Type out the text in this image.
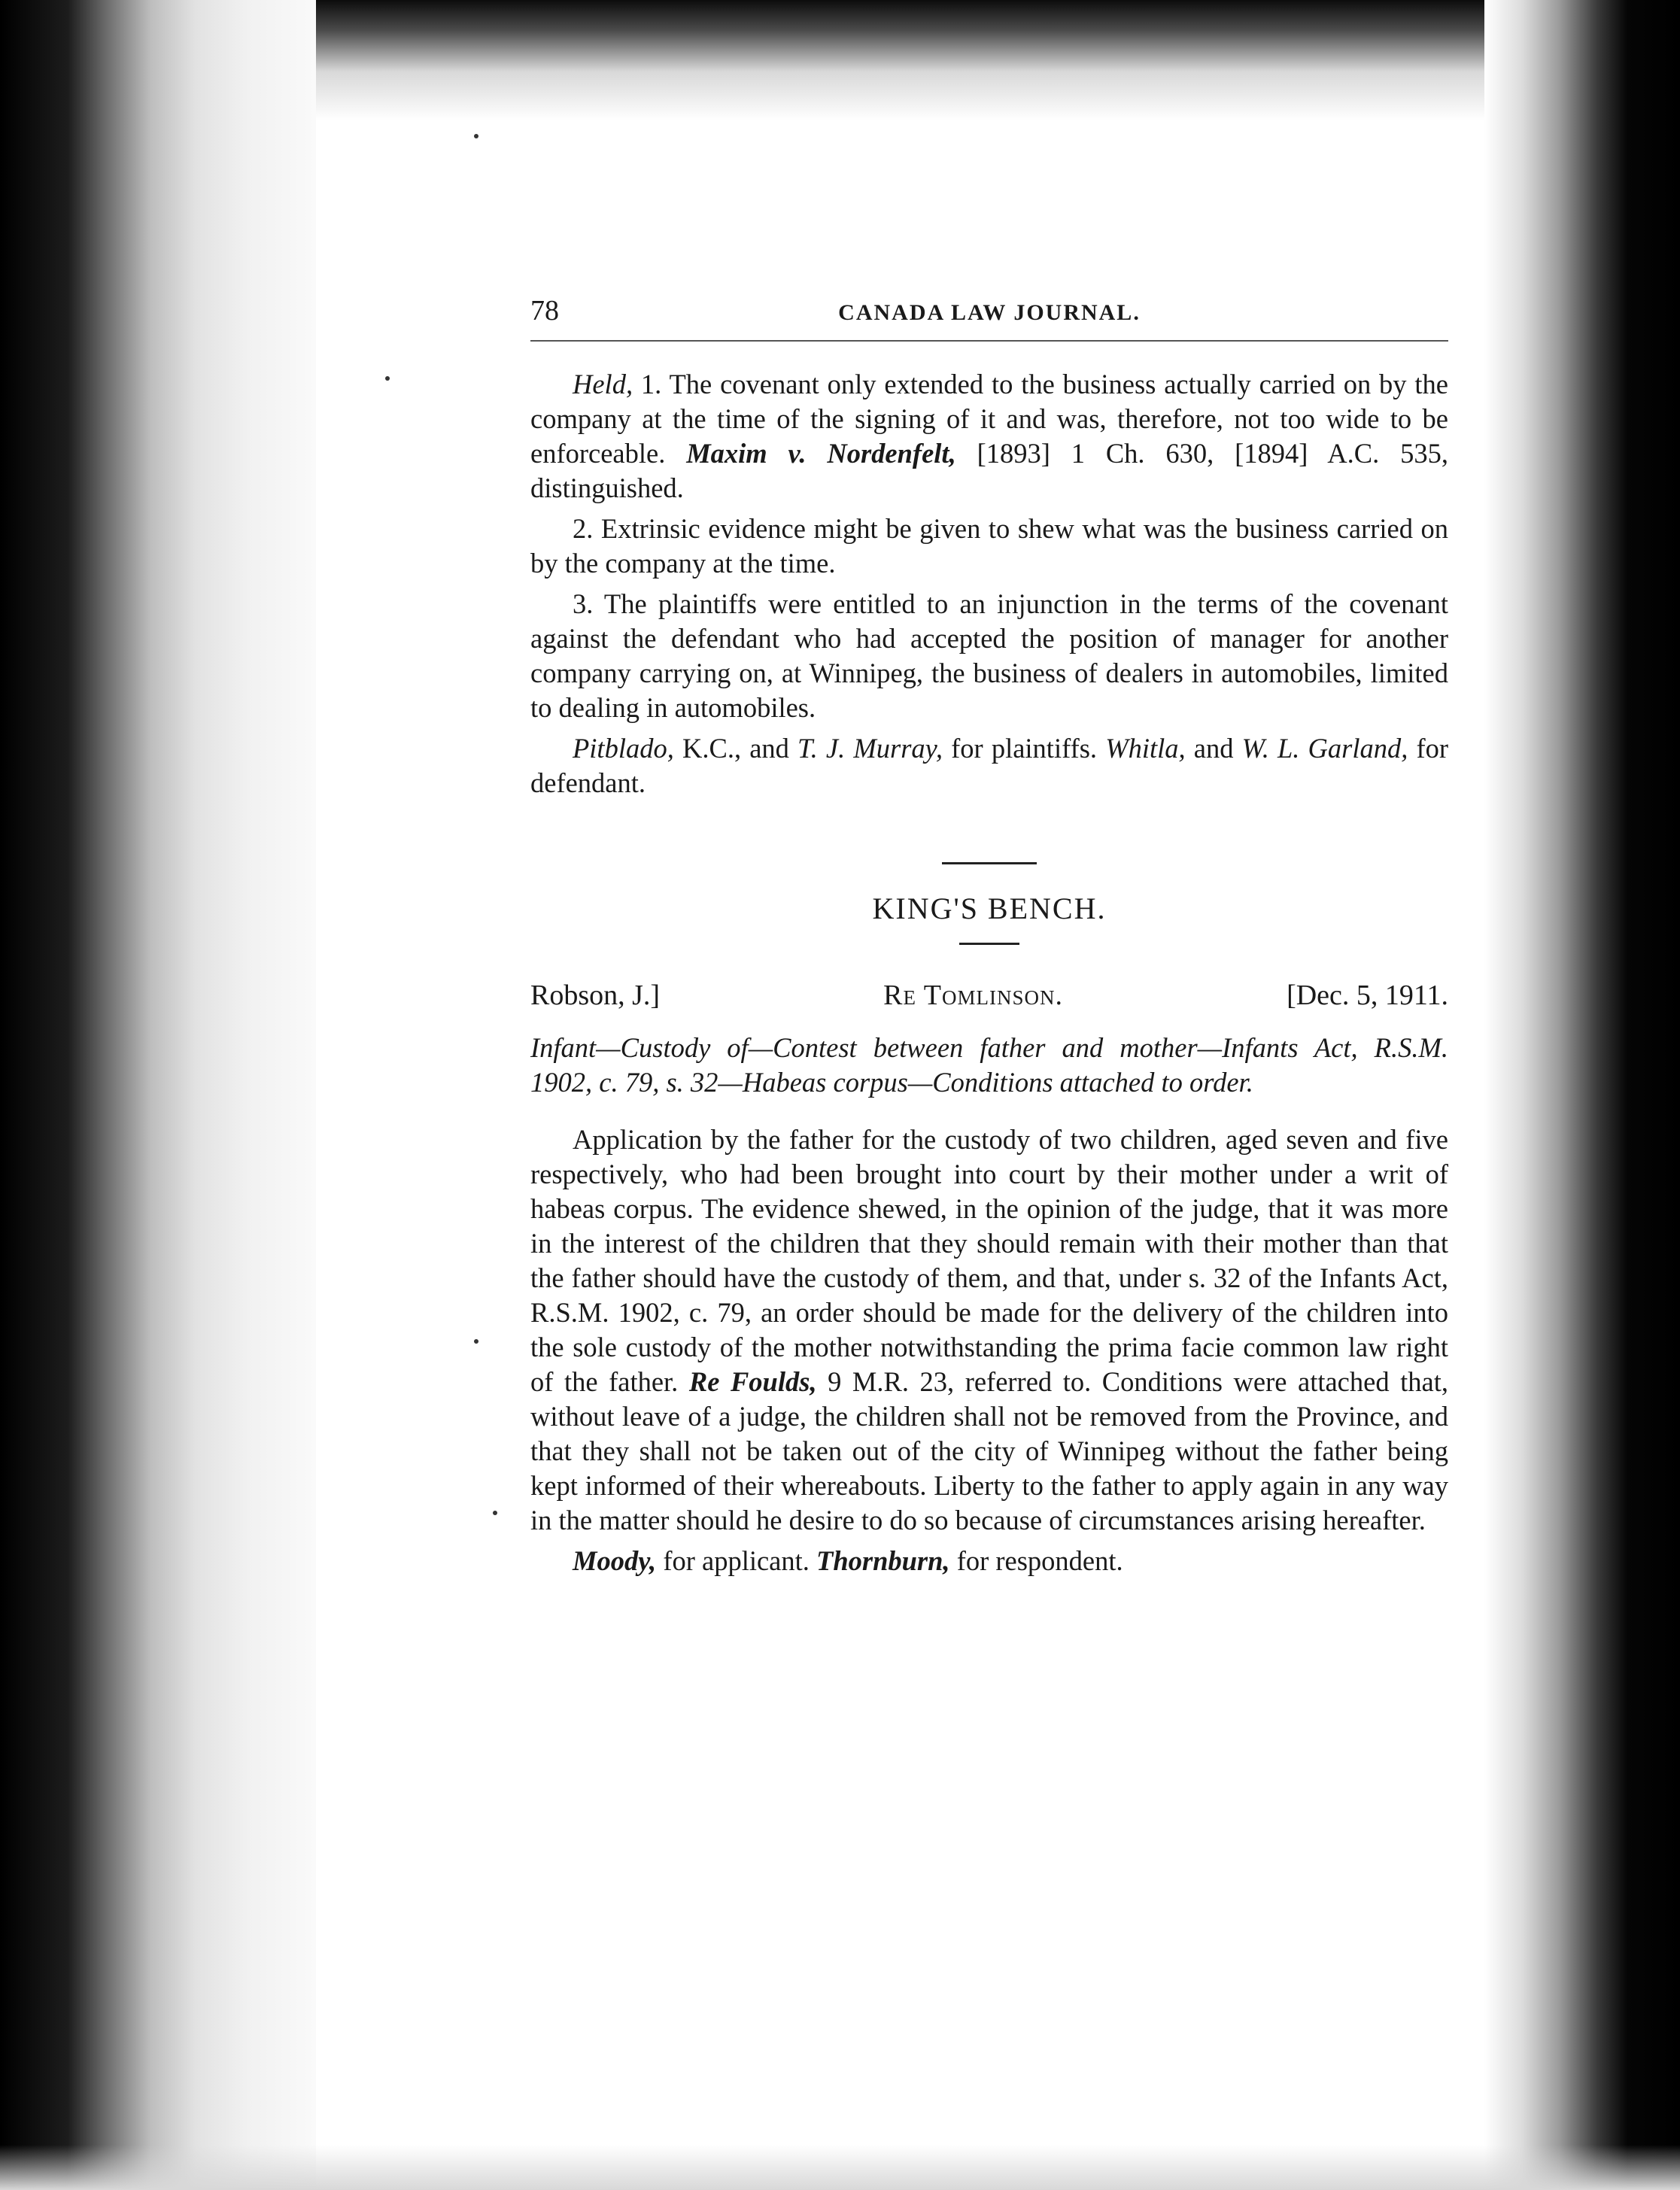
78	CANADA LAW JOURNAL.

Held, 1. The covenant only extended to the business actually carried on by the company at the time of the signing of it and was, therefore, not too wide to be enforceable. Maxim v. Nordenfelt, [1893] 1 Ch. 630, [1894] A.C. 535, distinguished.

2. Extrinsic evidence might be given to shew what was the business carried on by the company at the time.

3. The plaintiffs were entitled to an injunction in the terms of the covenant against the defendant who had accepted the position of manager for another company carrying on, at Winnipeg, the business of dealers in automobiles, limited to dealing in automobiles.

Pitblado, K.C., and T. J. Murray, for plaintiffs. Whitla, and W. L. Garland, for defendant.

KING'S BENCH.
Robson, J.]	Re Tomlinson.	[Dec. 5, 1911.

Infant—Custody of—Contest between father and mother—Infants Act, R.S.M. 1902, c. 79, s. 32—Habeas corpus—Conditions attached to order.

Application by the father for the custody of two children, aged seven and five respectively, who had been brought into court by their mother under a writ of habeas corpus. The evidence shewed, in the opinion of the judge, that it was more in the interest of the children that they should remain with their mother than that the father should have the custody of them, and that, under s. 32 of the Infants Act, R.S.M. 1902, c. 79, an order should be made for the delivery of the children into the sole custody of the mother notwithstanding the prima facie common law right of the father. Re Foulds, 9 M.R. 23, referred to. Conditions were attached that, without leave of a judge, the children shall not be removed from the Province, and that they shall not be taken out of the city of Winnipeg without the father being kept informed of their whereabouts. Liberty to the father to apply again in any way in the matter should he desire to do so because of circumstances arising hereafter.

Moody, for applicant. Thornburn, for respondent.
